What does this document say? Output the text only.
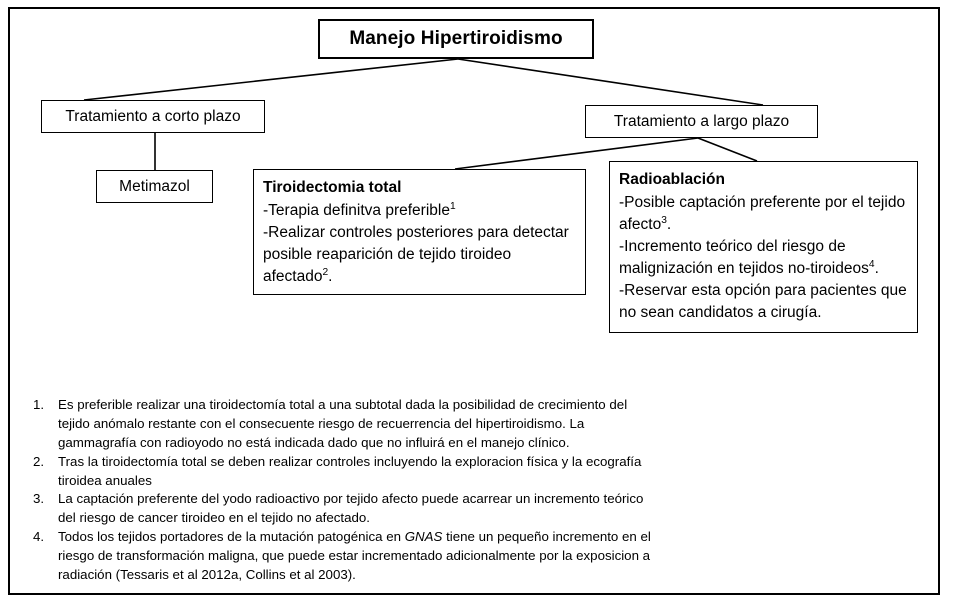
Manejo Hipertiroidismo
Tratamiento a corto plazo	Tratamiento a largo plazo
Metimazol	Tiroidectomia total

-Terapia definitva preferible$^1$

-Realizar controles posteriores para detectar posible reaparición de tejido tiroideo afectado$^2$.

Radioablación

-Posible captación preferente por el tejido afecto$^3$.

-Incremento teórico del riesgo de malignización en tejidos no-tiroideos$^4$.

-Reservar esta opción para pacientes que no sean candidatos a cirugía.

1.	Es preferible realizar una tiroidectomía total a una subtotal dada la posibilidad de crecimiento del tejido anómalo restante con el consecuente riesgo de recuerrencia del hipertiroidismo. La gammagrafía con radioyodo no está indicada dado que no influirá en el manejo clínico.
2.	Tras la tiroidectomía total se deben realizar controles incluyendo la exploracion física y la ecografía tiroidea anuales
3.	La captación preferente del yodo radioactivo por tejido afecto puede acarrear un incremento teórico del riesgo de cancer tiroideo en el tejido no afectado.
4.	Todos los tejidos portadores de la mutación patogénica en GNAS tiene un pequeño incremento en el riesgo de transformación maligna, que puede estar incrementado adicionalmente por la exposicion a radiación (Tessaris et al 2012a, Collins et al 2003).
